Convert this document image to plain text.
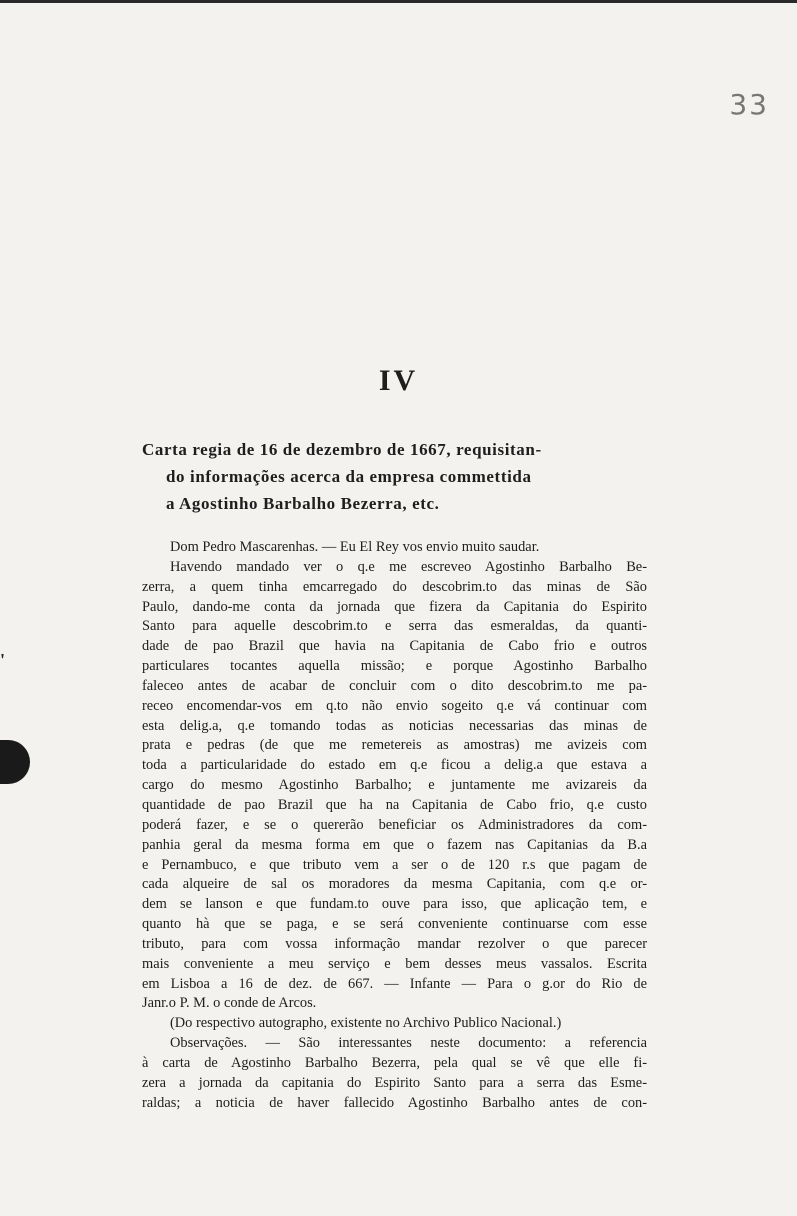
33
IV
Carta regia de 16 de dezembro de 1667, requisitan-
do informações acerca da empresa commettida
a Agostinho Barbalho Bezerra, etc.
'
Dom Pedro Mascarenhas. — Eu El Rey vos envio muito saudar.
Havendo mandado ver o q.e me escreveo Agostinho Barbalho Be-
zerra, a quem tinha emcarregado do descobrim.to das minas de São
Paulo, dando-me conta da jornada que fizera da Capitania do Espirito
Santo para aquelle descobrim.to e serra das esmeraldas, da quanti-
dade de pao Brazil que havia na Capitania de Cabo frio e outros
particulares tocantes aquella missão; e porque Agostinho Barbalho
faleceo antes de acabar de concluir com o dito descobrim.to me pa-
receo encomendar-vos em q.to não envio sogeito q.e vá continuar com
esta delig.a, q.e tomando todas as noticias necessarias das minas de
prata e pedras (de que me remetereis as amostras) me avizeis com
toda a particularidade do estado em q.e ficou a delig.a que estava a
cargo do mesmo Agostinho Barbalho; e juntamente me avizareis da
quantidade de pao Brazil que ha na Capitania de Cabo frio, q.e custo
poderá fazer, e se o quererão beneficiar os Administradores da com-
panhia geral da mesma forma em que o fazem nas Capitanias da B.a
e Pernambuco, e que tributo vem a ser o de 120 r.s que pagam de
cada alqueire de sal os moradores da mesma Capitania, com q.e or-
dem se lanson e que fundam.to ouve para isso, que aplicação tem, e
quanto hà que se paga, e se será conveniente continuarse com esse
tributo, para com vossa informação mandar rezolver o que parecer
mais conveniente a meu serviço e bem desses meus vassalos. Escrita
em Lisboa a 16 de dez. de 667. — Infante — Para o g.or do Rio de
Janr.o P. M. o conde de Arcos.
(Do respectivo autographo, existente no Archivo Publico Nacional.)
Observações. — São interessantes neste documento: a referencia
à carta de Agostinho Barbalho Bezerra, pela qual se vê que elle fi-
zera a jornada da capitania do Espirito Santo para a serra das Esme-
raldas; a noticia de haver fallecido Agostinho Barbalho antes de con-
